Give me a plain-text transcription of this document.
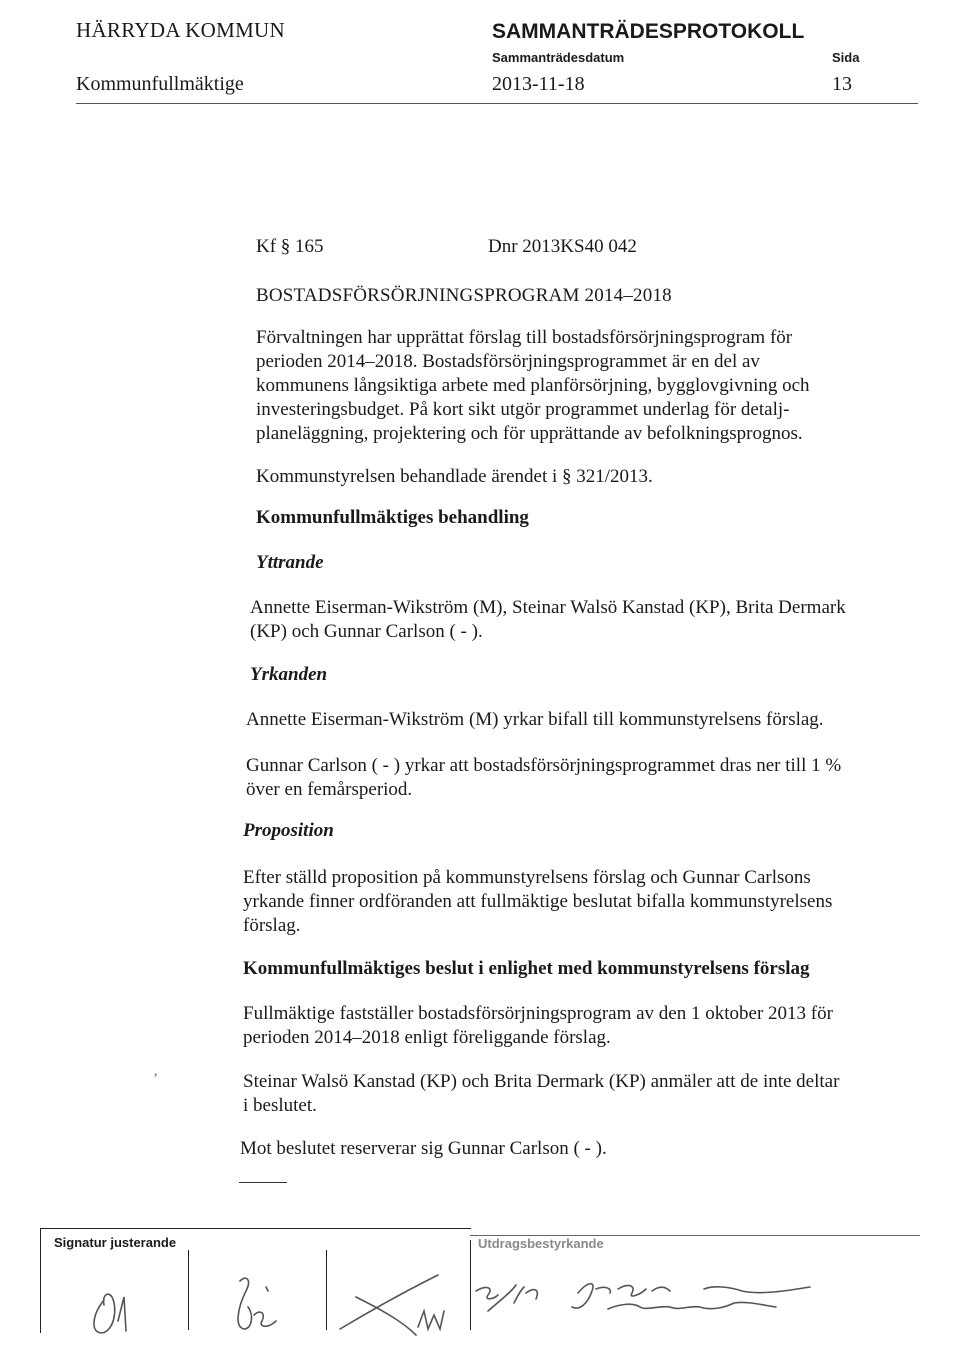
HÄRRYDA KOMMUN	SAMMANTRÄDESPROTOKOLL
Sammanträdesdatum	Sida
Kommunfullmäktige	2013-11-18	13
Kf § 165	Dnr 2013KS40 042
BOSTADSFÖRSÖRJNINGSPROGRAM 2014–2018
Förvaltningen har upprättat förslag till bostadsförsörjningsprogram för perioden 2014–2018. Bostadsförsörjningsprogrammet är en del av kommunens långsiktiga arbete med planförsörjning, bygglovgivning och investeringsbudget. På kort sikt utgör programmet underlag för detalj-planeläggning, projektering och för upprättande av befolkningsprognos.
Kommunstyrelsen behandlade ärendet i § 321/2013.
Kommunfullmäktiges behandling
Yttrande
Annette Eiserman-Wikström (M), Steinar Walsö Kanstad (KP), Brita Dermark (KP) och Gunnar Carlson ( - ).
Yrkanden
Annette Eiserman-Wikström (M) yrkar bifall till kommunstyrelsens förslag.
Gunnar Carlson ( - ) yrkar att bostadsförsörjningsprogrammet dras ner till 1 % över en femårsperiod.
Proposition
Efter ställd proposition på kommunstyrelsens förslag och Gunnar Carlsons yrkande finner ordföranden att fullmäktige beslutat bifalla kommunstyrelsens förslag.
Kommunfullmäktiges beslut i enlighet med kommunstyrelsens förslag
Fullmäktige fastställer bostadsförsörjningsprogram av den 1 oktober 2013 för perioden 2014–2018 enligt föreliggande förslag.
Steinar Walsö Kanstad (KP) och Brita Dermark (KP) anmäler att de inte deltar i beslutet.
Mot beslutet reserverar sig Gunnar Carlson ( - ).
,
Signatur justerande	Utdragsbestyrkande
